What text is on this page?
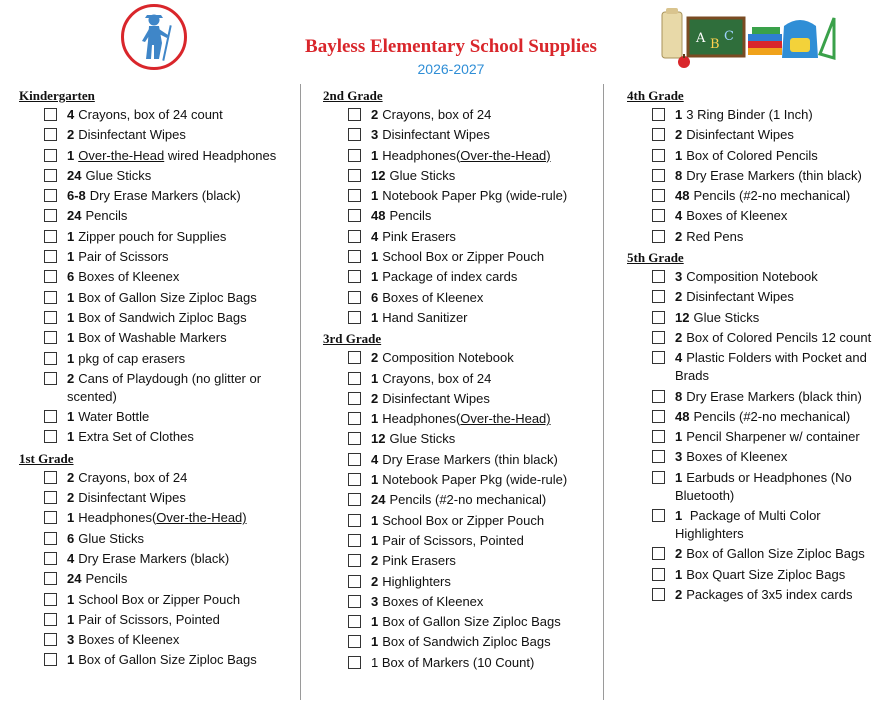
Bayless Elementary School Supplies
2026-2027
A B
C
Kindergarten
4 Crayons, box of 24 count
2 Disinfectant Wipes
1 Over-the-Head wired Headphones
24 Glue Sticks
6-8 Dry Erase Markers (black)
24 Pencils
1 Zipper pouch for Supplies
1 Pair of Scissors
6 Boxes of Kleenex
1 Box of Gallon Size Ziploc Bags
1 Box of Sandwich Ziploc Bags
1 Box of Washable Markers
1 pkg of cap erasers
2 Cans of Playdough (no glitter or scented)
1 Water Bottle
1 Extra Set of Clothes
1st Grade
2 Crayons, box of 24
2 Disinfectant Wipes
1 Headphones(Over-the-Head)
6 Glue Sticks
4 Dry Erase Markers (black)
24 Pencils
1 School Box or Zipper Pouch
1 Pair of Scissors, Pointed
3 Boxes of Kleenex
1 Box of Gallon Size Ziploc Bags
2nd Grade
2 Crayons, box of 24
3 Disinfectant Wipes
1 Headphones(Over-the-Head)
12 Glue Sticks
1 Notebook Paper Pkg (wide-rule)
48 Pencils
4 Pink Erasers
1 School Box or Zipper Pouch
1 Package of index cards
6 Boxes of Kleenex
1 Hand Sanitizer
3rd Grade
2 Composition Notebook
1 Crayons, box of 24
2 Disinfectant Wipes
1 Headphones(Over-the-Head)
12 Glue Sticks
4 Dry Erase Markers (thin black)
1 Notebook Paper Pkg (wide-rule)
24 Pencils (#2-no mechanical)
1 School Box or Zipper Pouch
1 Pair of Scissors, Pointed
2 Pink Erasers
2 Highlighters
3 Boxes of Kleenex
1 Box of Gallon Size Ziploc Bags
1 Box of Sandwich Ziploc Bags
1 Box of Markers (10 Count)
4th Grade
1 3 Ring Binder (1 Inch)
2 Disinfectant Wipes
1 Box of Colored Pencils
8 Dry Erase Markers (thin black)
48 Pencils (#2-no mechanical)
4 Boxes of Kleenex
2 Red Pens
5th Grade
3 Composition Notebook
2 Disinfectant Wipes
12 Glue Sticks
2 Box of Colored Pencils 12 count
4 Plastic Folders with Pocket and Brads
8 Dry Erase Markers (black thin)
48 Pencils (#2-no mechanical)
1 Pencil Sharpener w/ container
3 Boxes of Kleenex
1 Earbuds or Headphones (No Bluetooth)
1 Package of Multi Color Highlighters
2 Box of Gallon Size Ziploc Bags
1 Box Quart Size Ziploc Bags
2 Packages of 3x5 index cards
